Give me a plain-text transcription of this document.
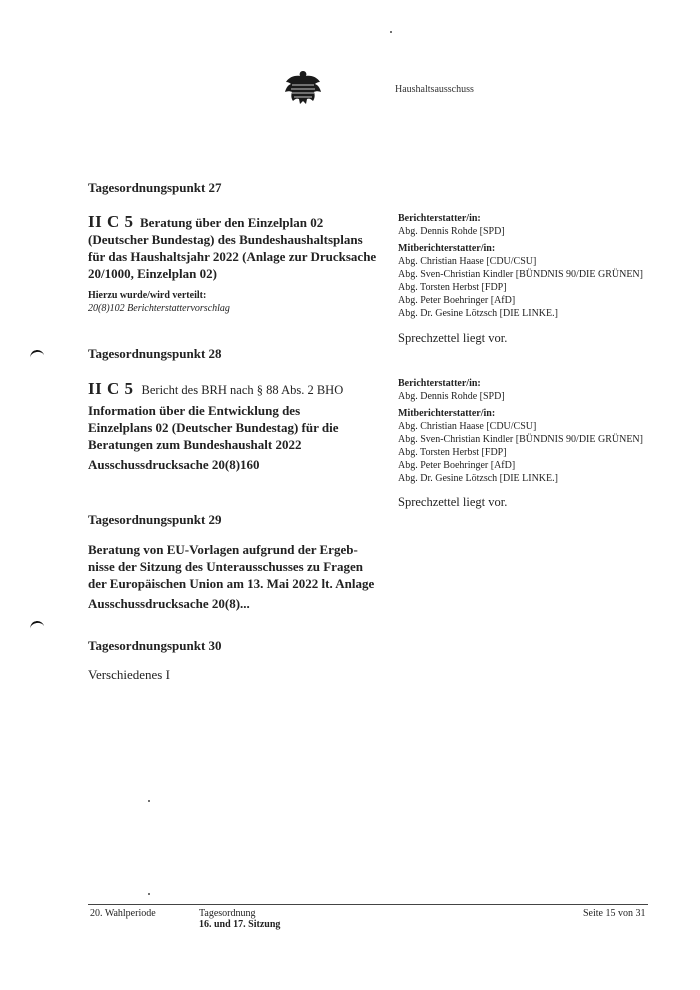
Haushaltsausschuss
Tagesordnungspunkt 27
II C 5 Beratung über den Einzelplan 02
(Deutscher Bundestag) des Bundeshaushaltsplans
für das Haushaltsjahr 2022 (Anlage zur Drucksache
20/1000, Einzelplan 02)
Hierzu wurde/wird verteilt:
20(8)102 Berichterstattervorschlag
Berichterstatter/in:
Abg. Dennis Rohde [SPD]
Mitberichterstatter/in:
Abg. Christian Haase [CDU/CSU]
Abg. Sven-Christian Kindler [BÜNDNIS 90/DIE GRÜNEN]
Abg. Torsten Herbst [FDP]
Abg. Peter Boehringer [AfD]
Abg. Dr. Gesine Lötzsch [DIE LINKE.]
Sprechzettel liegt vor.
Tagesordnungspunkt 28
II C 5 Bericht des BRH nach § 88 Abs. 2 BHO
Information über die Entwicklung des
Einzelplans 02 (Deutscher Bundestag) für die
Beratungen zum Bundeshaushalt 2022
Ausschussdrucksache 20(8)160
Berichterstatter/in:
Abg. Dennis Rohde [SPD]
Mitberichterstatter/in:
Abg. Christian Haase [CDU/CSU]
Abg. Sven-Christian Kindler [BÜNDNIS 90/DIE GRÜNEN]
Abg. Torsten Herbst [FDP]
Abg. Peter Boehringer [AfD]
Abg. Dr. Gesine Lötzsch [DIE LINKE.]
Sprechzettel liegt vor.
Tagesordnungspunkt 29
Beratung von EU-Vorlagen aufgrund der Ergeb-
nisse der Sitzung des Unterausschusses zu Fragen
der Europäischen Union am 13. Mai 2022 lt. Anlage
Ausschussdrucksache 20(8)...
Tagesordnungspunkt 30
Verschiedenes I
20. Wahlperiode	Tagesordnung
16. und 17. Sitzung
Seite 15 von 31
